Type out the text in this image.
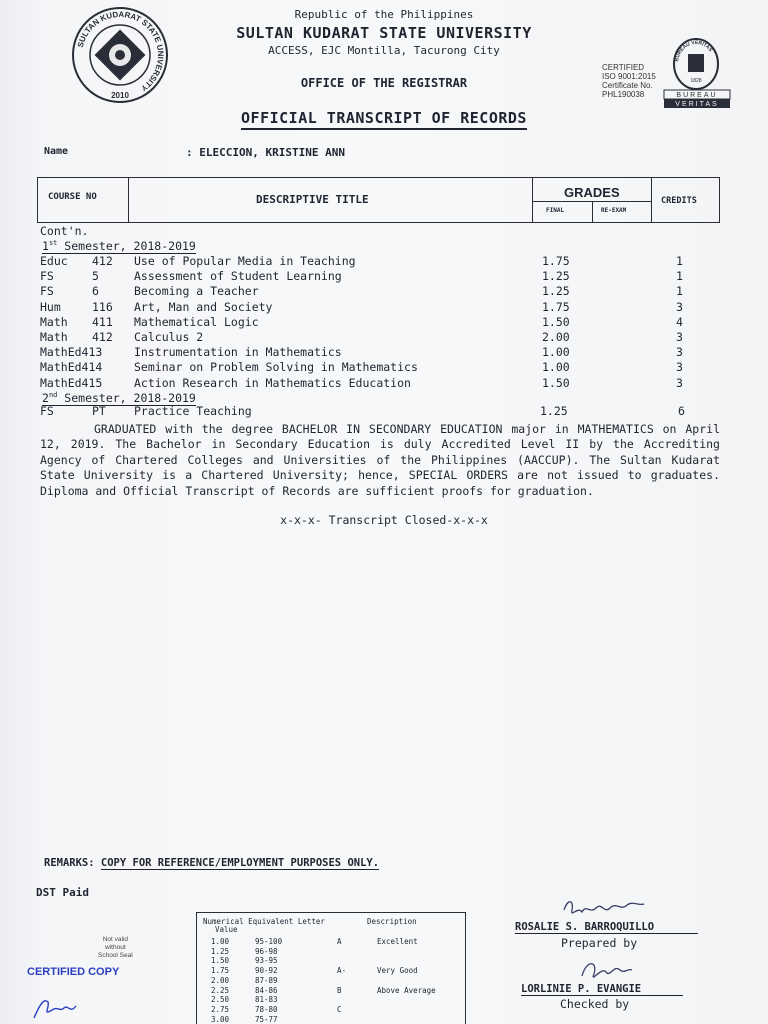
SULTAN KUDARAT STATE UNIVERSITY
2010
Republic of the Philippines
SULTAN KUDARAT STATE UNIVERSITY
ACCESS, EJC Montilla, Tacurong City
OFFICE OF THE REGISTRAR
OFFICIAL TRANSCRIPT OF RECORDS
CERTIFIED
ISO 9001:2015
Certificate No.
PHL190038
BUREAU VERITAS
1828
BUREAU
VERITAS
Name	: ELECCION, KRISTINE ANN
COURSE NO	DESCRIPTIVE TITLE	GRADES
FINAL	RE-EXAM
CREDITS
Cont'n.
1st Semester, 2018-2019
Educ 412 Use of Popular Media in Teaching	1.75	1
FS	5	Assessment of Student Learning	1.25	1
FS	6	Becoming a Teacher	1.25	1
Hum	116 Art, Man and Society	1.75	3
Math 411 Mathematical Logic	1.50	4
Math 412 Calculus 2	2.00	3
MathEd413	Instrumentation in Mathematics	1.00	3
MathEd414	Seminar on Problem Solving in Mathematics	1.00	3
MathEd415	Action Research in Mathematics Education	1.50	3
2nd Semester, 2018-2019
FS	PT Practice Teaching	1.25	6

GRADUATED with the degree BACHELOR IN SECONDARY EDUCATION major in MATHEMATICS on April 12, 2019. The Bachelor in Secondary Education is duly Accredited Level II by the Accrediting Agency of Chartered Colleges and Universities of the Philippines (AACCUP). The Sultan Kudarat State University is a Chartered University; hence, SPECIAL ORDERS are not issued to graduates. Diploma and Official Transcript of Records are sufficient proofs for graduation.

x-x-x- Transcript Closed-x-x-x
REMARKS: COPY FOR REFERENCE/EMPLOYMENT PURPOSES ONLY.
DST Paid
Not valid
without
School Seal
CERTIFIED COPY
Numerical Equivalent Letter	Description
Value
1.00	95-100	A	Excellent
1.25	96-98
1.50	93-95
1.75	90-92	A-	Very Good
2.00	87-89
2.25	84-86	B	Above Average
2.50	81-83
2.75	78-80	C
3.00	75-77
ROSALIE S. BARROQUILLO
Prepared by
LORLINIE P. EVANGIE
Checked by
